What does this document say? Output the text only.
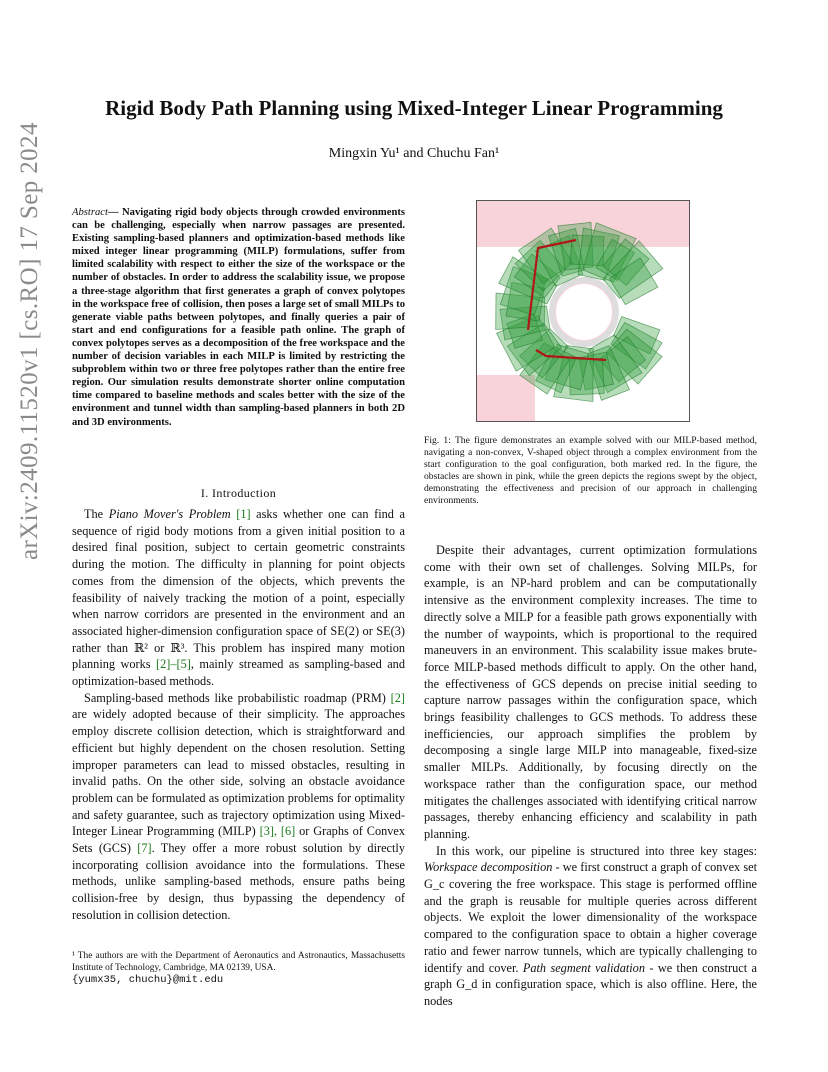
Rigid Body Path Planning using Mixed-Integer Linear Programming
Mingxin Yu¹ and Chuchu Fan¹
arXiv:2409.11520v1 [cs.RO] 17 Sep 2024	Abstract— Navigating rigid body objects through crowded environments can be challenging, especially when narrow passages are presented. Existing sampling-based planners and optimization-based methods like mixed integer linear programming (MILP) formulations, suffer from limited scalability with respect to either the size of the workspace or the number of obstacles. In order to address the scalability issue, we propose a three-stage algorithm that first generates a graph of convex polytopes in the workspace free of collision, then poses a large set of small MILPs to generate viable paths between polytopes, and finally queries a pair of start and end configurations for a feasible path online. The graph of convex polytopes serves as a decomposition of the free workspace and the number of decision variables in each MILP is limited by restricting the subproblem within two or three free polytopes rather than the entire free region. Our simulation results demonstrate shorter online computation time compared to baseline methods and scales better with the size of the environment and tunnel width than sampling-based planners in both 2D and 3D environments.
I. Introduction

The Piano Mover's Problem [1] asks whether one can find a sequence of rigid body motions from a given initial position to a desired final position, subject to certain geometric constraints during the motion. The difficulty in planning for point objects comes from the dimension of the objects, which prevents the feasibility of naively tracking the motion of a point, especially when narrow corridors are presented in the environment and an associated higher-dimension configuration space of SE(2) or SE(3) rather than ℝ² or ℝ³. This problem has inspired many motion planning works [2]–[5], mainly streamed as sampling-based and optimization-based methods.

Sampling-based methods like probabilistic roadmap (PRM) [2] are widely adopted because of their simplicity. The approaches employ discrete collision detection, which is straightforward and efficient but highly dependent on the chosen resolution. Setting improper parameters can lead to missed obstacles, resulting in invalid paths. On the other side, solving an obstacle avoidance problem can be formulated as optimization problems for optimality and safety guarantee, such as trajectory optimization using Mixed-Integer Linear Programming (MILP) [3], [6] or Graphs of Convex Sets (GCS) [7]. They offer a more robust solution by directly incorporating collision avoidance into the formulations. These methods, unlike sampling-based methods, ensure paths being collision-free by design, thus bypassing the dependency of resolution in collision detection.

¹ The authors are with the Department of Aeronautics and Astronautics, Massachusetts Institute of Technology, Cambridge, MA 02139, USA.
{yumx35, chuchu}@mit.edu
Fig. 1: The figure demonstrates an example solved with our MILP-based method, navigating a non-convex, V-shaped object through a complex environment from the start configuration to the goal configuration, both marked red. In the figure, the obstacles are shown in pink, while the green depicts the regions swept by the object, demonstrating the effectiveness and precision of our approach in challenging environments.

Despite their advantages, current optimization formulations come with their own set of challenges. Solving MILPs, for example, is an NP-hard problem and can be computationally intensive as the environment complexity increases. The time to directly solve a MILP for a feasible path grows exponentially with the number of waypoints, which is proportional to the required maneuvers in an environment. This scalability issue makes brute-force MILP-based methods difficult to apply. On the other hand, the effectiveness of GCS depends on precise initial seeding to capture narrow passages within the configuration space, which brings feasibility challenges to GCS methods. To address these inefficiencies, our approach simplifies the problem by decomposing a single large MILP into manageable, fixed-size smaller MILPs. Additionally, by focusing directly on the workspace rather than the configuration space, our method mitigates the challenges associated with identifying critical narrow passages, thereby enhancing efficiency and scalability in path planning.

In this work, our pipeline is structured into three key stages: Workspace decomposition - we first construct a graph of convex set G_c covering the free workspace. This stage is performed offline and the graph is reusable for multiple queries across different objects. We exploit the lower dimensionality of the workspace compared to the configuration space to obtain a higher coverage ratio and fewer narrow tunnels, which are typically challenging to identify and cover. Path segment validation - we then construct a graph G_d in configuration space, which is also offline. Here, the nodes
